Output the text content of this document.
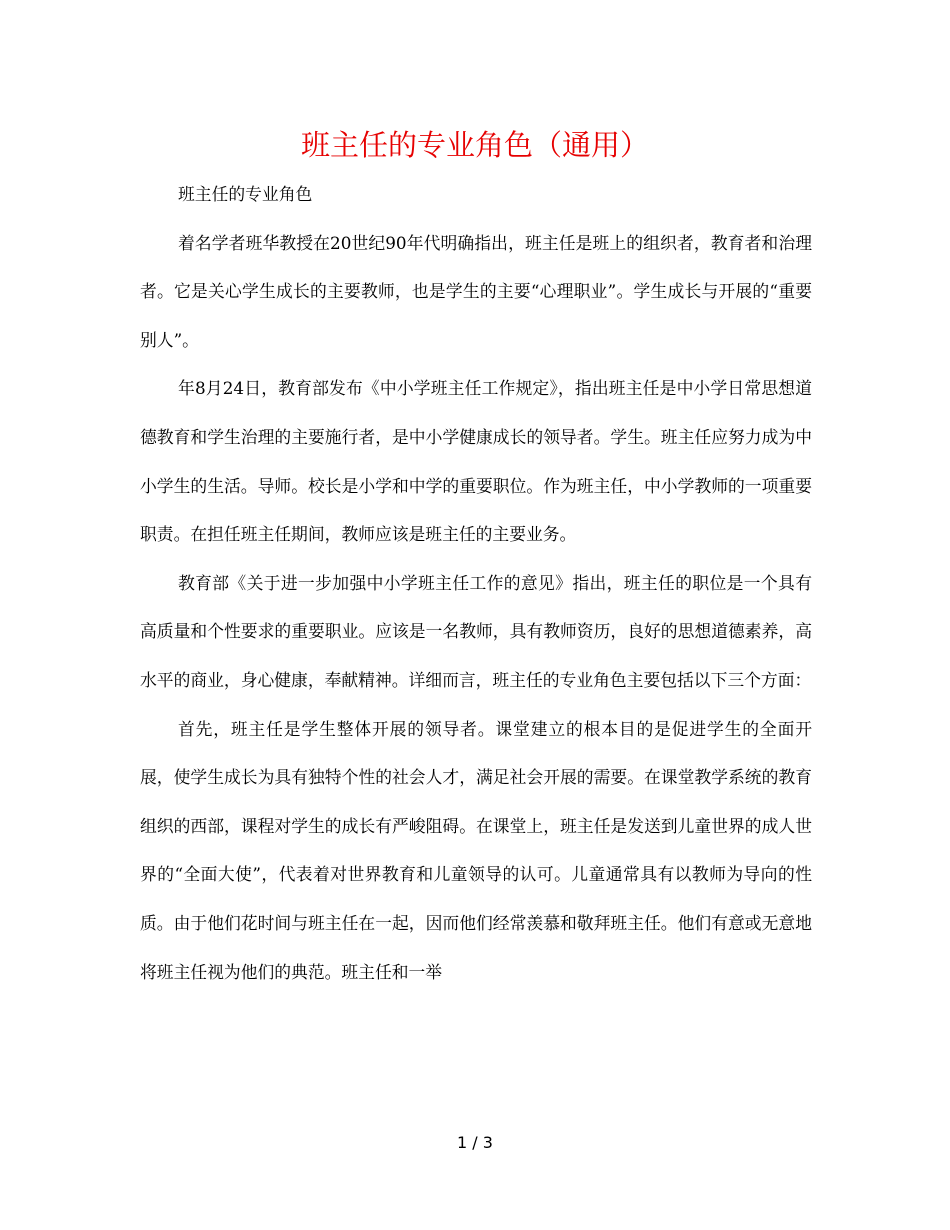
班主任的专业角色（通用）

班主任的专业角色

着名学者班华教授在20世纪90年代明确指出，班主任是班上的组织者，教育者和治理者。它是关心学生成长的主要教师，也是学生的主要“心理职业”。学生成长与开展的“重要别人”。

年8月24日，教育部发布《中小学班主任工作规定》，指出班主任是中小学日常思想道德教育和学生治理的主要施行者，是中小学健康成长的领导者。学生。班主任应努力成为中小学生的生活。导师。校长是小学和中学的重要职位。作为班主任，中小学教师的一项重要职责。在担任班主任期间，教师应该是班主任的主要业务。

教育部《关于进一步加强中小学班主任工作的意见》指出，班主任的职位是一个具有高质量和个性要求的重要职业。应该是一名教师，具有教师资历，良好的思想道德素养，高水平的商业，身心健康，奉献精神。详细而言，班主任的专业角色主要包括以下三个方面：

首先，班主任是学生整体开展的领导者。课堂建立的根本目的是促进学生的全面开展，使学生成长为具有独特个性的社会人才，满足社会开展的需要。在课堂教学系统的教育组织的西部，课程对学生的成长有严峻阻碍。在课堂上，班主任是发送到儿童世界的成人世界的“全面大使”，代表着对世界教育和儿童领导的认可。儿童通常具有以教师为导向的性质。由于他们花时间与班主任在一起，因而他们经常羡慕和敬拜班主任。他们有意或无意地将班主任视为他们的典范。班主任和一举

1 / 3
